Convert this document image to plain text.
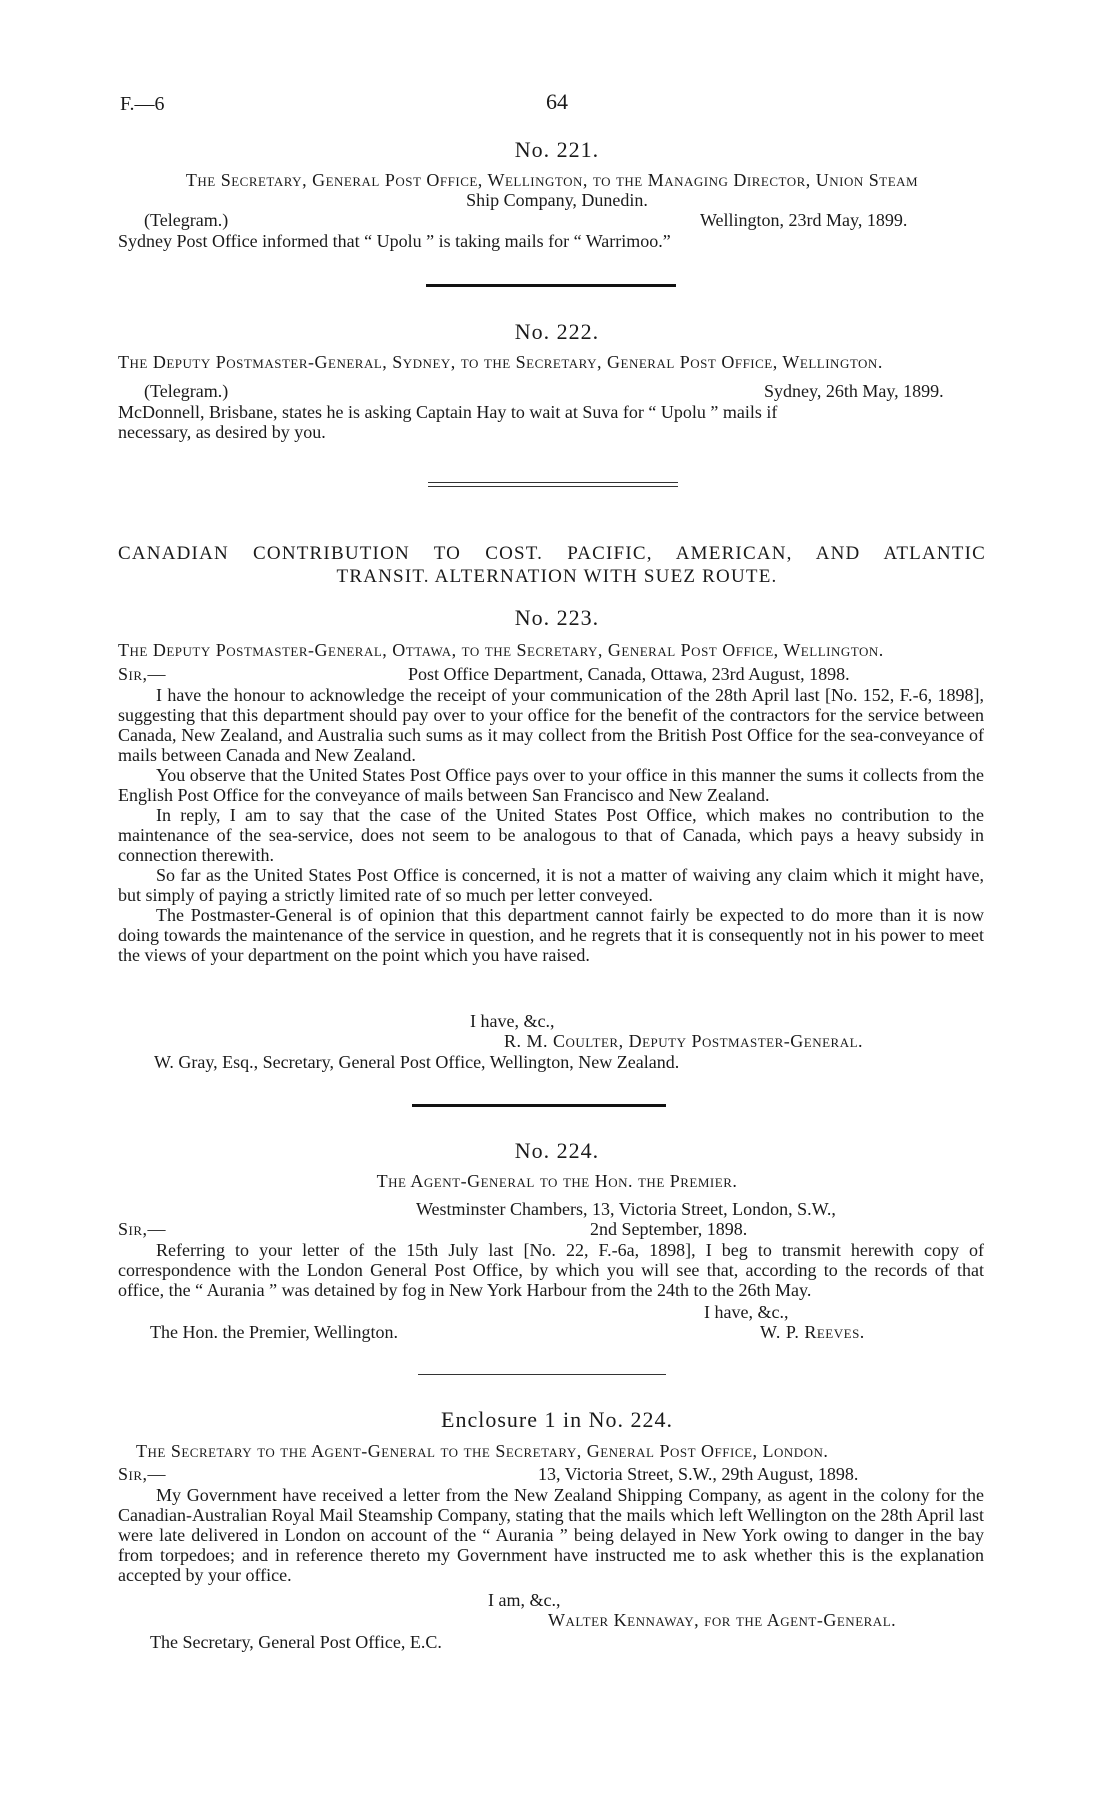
F.—6	64
No. 221.
The Secretary, General Post Office, Wellington, to the Managing Director, Union Steam
Ship Company, Dunedin.
(Telegram.)	Wellington, 23rd May, 1899.
Sydney Post Office informed that “ Upolu ” is taking mails for “ Warrimoo.”
No. 222.
The Deputy Postmaster-General, Sydney, to the Secretary, General Post Office, Wellington.
(Telegram.)	Sydney, 26th May, 1899.
McDonnell, Brisbane, states he is asking Captain Hay to wait at Suva for “ Upolu ” mails if
necessary, as desired by you.
CANADIAN CONTRIBUTION TO COST. PACIFIC, AMERICAN, AND ATLANTIC
TRANSIT. ALTERNATION WITH SUEZ ROUTE.
No. 223.
The Deputy Postmaster-General, Ottawa, to the Secretary, General Post Office, Wellington.
Sir,—	Post Office Department, Canada, Ottawa, 23rd August, 1898.

I have the honour to acknowledge the receipt of your communication of the 28th April last [No. 152, F.-6, 1898], suggesting that this department should pay over to your office for the benefit of the contractors for the service between Canada, New Zealand, and Australia such sums as it may collect from the British Post Office for the sea-conveyance of mails between Canada and New Zealand.

You observe that the United States Post Office pays over to your office in this manner the sums it collects from the English Post Office for the conveyance of mails between San Francisco and New Zealand.

In reply, I am to say that the case of the United States Post Office, which makes no contribution to the maintenance of the sea-service, does not seem to be analogous to that of Canada, which pays a heavy subsidy in connection therewith.

So far as the United States Post Office is concerned, it is not a matter of waiving any claim which it might have, but simply of paying a strictly limited rate of so much per letter conveyed.

The Postmaster-General is of opinion that this department cannot fairly be expected to do more than it is now doing towards the maintenance of the service in question, and he regrets that it is consequently not in his power to meet the views of your department on the point which you have raised.

I have, &c.,
R. M. Coulter, Deputy Postmaster-General.
W. Gray, Esq., Secretary, General Post Office, Wellington, New Zealand.
No. 224.
The Agent-General to the Hon. the Premier.
Westminster Chambers, 13, Victoria Street, London, S.W.,
Sir,—	2nd September, 1898.

Referring to your letter of the 15th July last [No. 22, F.-6a, 1898], I beg to transmit herewith copy of correspondence with the London General Post Office, by which you will see that, according to the records of that office, the “ Aurania ” was detained by fog in New York Harbour from the 24th to the 26th May.

I have, &c.,
The Hon. the Premier, Wellington.	W. P. Reeves.
Enclosure 1 in No. 224.
The Secretary to the Agent-General to the Secretary, General Post Office, London.
Sir,—	13, Victoria Street, S.W., 29th August, 1898.

My Government have received a letter from the New Zealand Shipping Company, as agent in the colony for the Canadian-Australian Royal Mail Steamship Company, stating that the mails which left Wellington on the 28th April last were late delivered in London on account of the “ Aurania ” being delayed in New York owing to danger in the bay from torpedoes; and in reference thereto my Government have instructed me to ask whether this is the explanation accepted by your office.

I am, &c.,
Walter Kennaway, for the Agent-General.
The Secretary, General Post Office, E.C.
